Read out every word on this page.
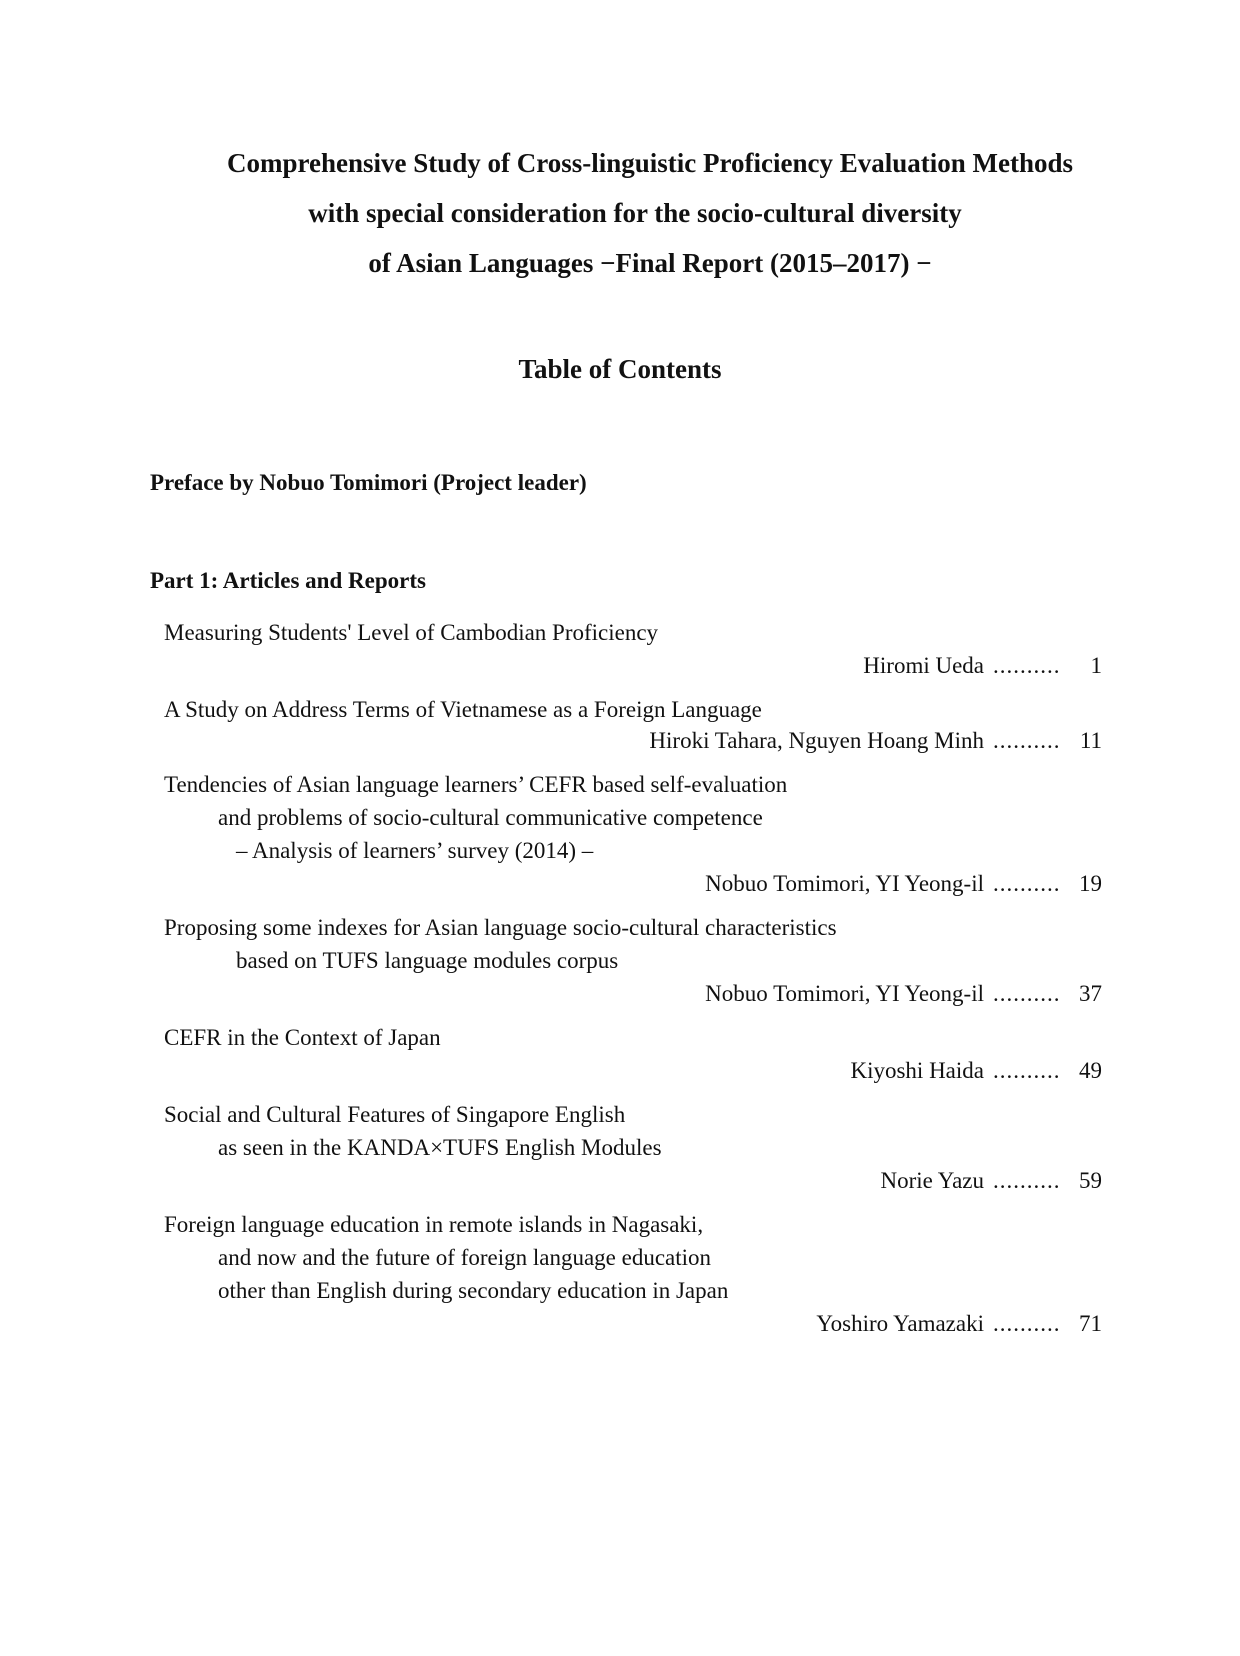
Comprehensive Study of Cross-linguistic Proficiency Evaluation Methods
with special consideration for the socio-cultural diversity
of Asian Languages −Final Report (2015–2017) −
Table of Contents
Preface by Nobuo Tomimori (Project leader)
Part 1: Articles and Reports
Measuring Students' Level of Cambodian Proficiency
Hiromi Ueda .......... 1
A Study on Address Terms of Vietnamese as a Foreign Language
Hiroki Tahara, Nguyen Hoang Minh .......... 11
Tendencies of Asian language learners’ CEFR based self-evaluation
and problems of socio-cultural communicative competence
– Analysis of learners’ survey (2014) –
Nobuo Tomimori, YI Yeong-il .......... 19
Proposing some indexes for Asian language socio-cultural characteristics
based on TUFS language modules corpus
Nobuo Tomimori, YI Yeong-il .......... 37
CEFR in the Context of Japan
Kiyoshi Haida .......... 49
Social and Cultural Features of Singapore English
as seen in the KANDA×TUFS English Modules
Norie Yazu .......... 59
Foreign language education in remote islands in Nagasaki,
and now and the future of foreign language education
other than English during secondary education in Japan
Yoshiro Yamazaki .......... 71
